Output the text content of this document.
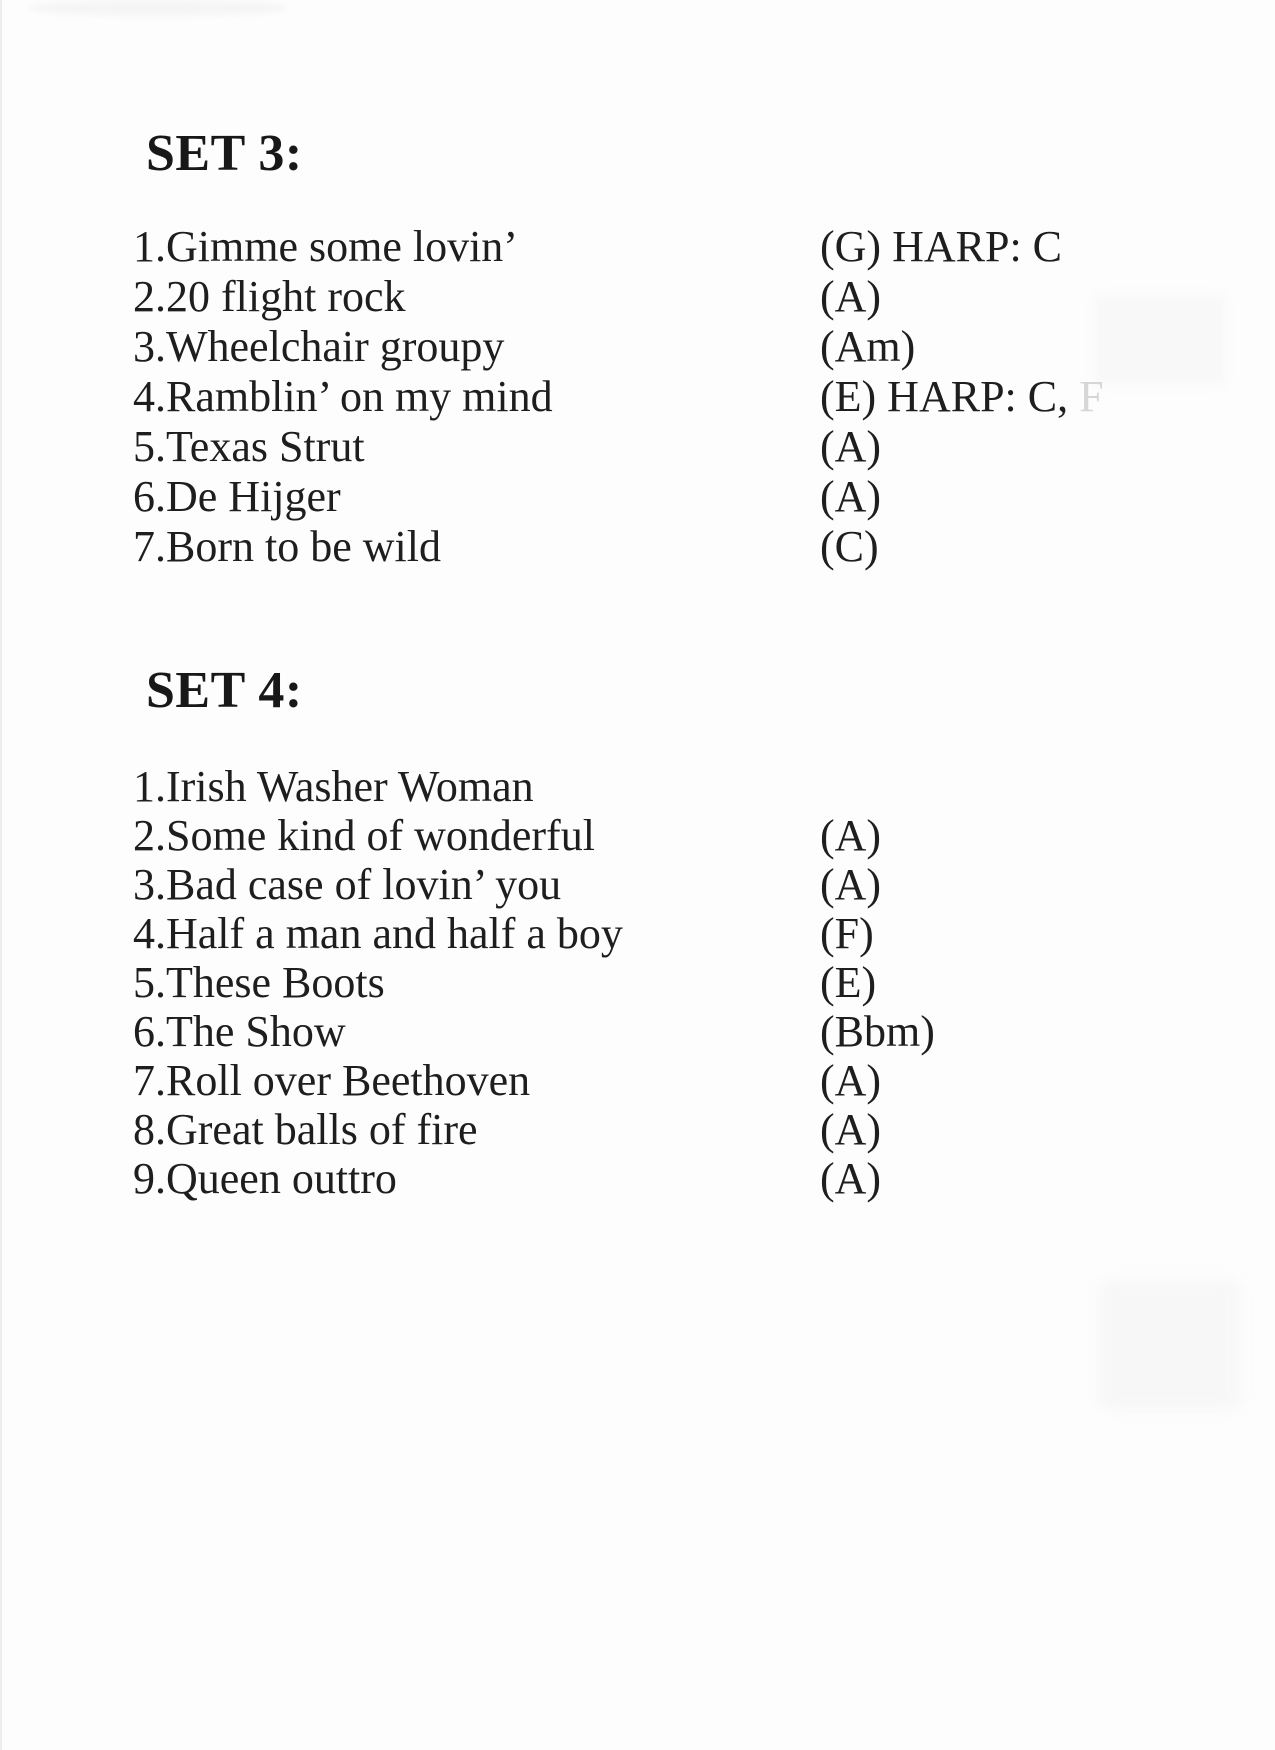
SET 3:
1.Gimme some lovin’	(G) HARP: C
2.20 flight rock	(A)
3.Wheelchair groupy	(Am)
4.Ramblin’ on my mind	(E) HARP: C, F
5.Texas Strut	(A)
6.De Hijger	(A)
7.Born to be wild	(C)
SET 4:
1.Irish Washer Woman
2.Some kind of wonderful	(A)
3.Bad case of lovin’ you	(A)
4.Half a man and half a boy	(F)
5.These Boots	(E)
6.The Show	(Bbm)
7.Roll over Beethoven	(A)
8.Great balls of fire	(A)
9.Queen outtro	(A)
